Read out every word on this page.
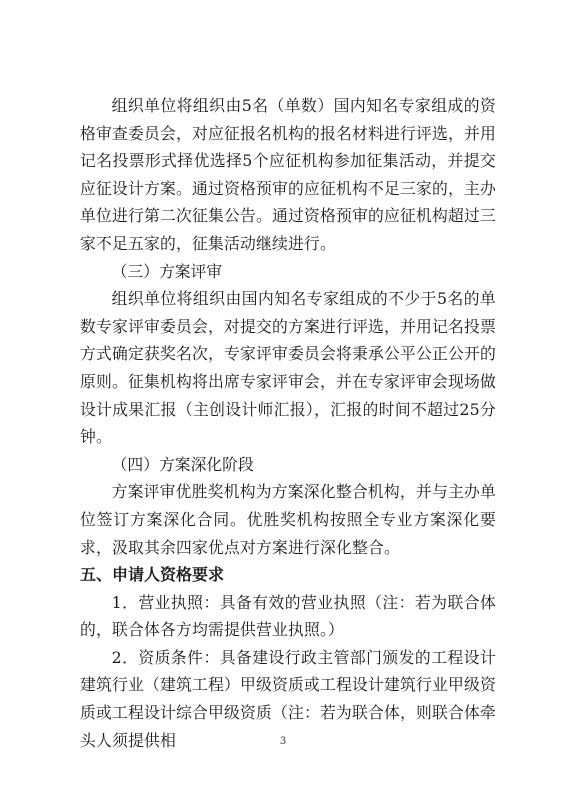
组织单位将组织由5名（单数）国内知名专家组成的资格审查委员会，对应征报名机构的报名材料进行评选，并用记名投票形式择优选择5个应征机构参加征集活动，并提交应征设计方案。通过资格预审的应征机构不足三家的，主办单位进行第二次征集公告。通过资格预审的应征机构超过三家不足五家的，征集活动继续进行。

（三）方案评审

组织单位将组织由国内知名专家组成的不少于5名的单数专家评审委员会，对提交的方案进行评选，并用记名投票方式确定获奖名次，专家评审委员会将秉承公平公正公开的原则。征集机构将出席专家评审会，并在专家评审会现场做设计成果汇报（主创设计师汇报），汇报的时间不超过25分钟。

（四）方案深化阶段

方案评审优胜奖机构为方案深化整合机构，并与主办单位签订方案深化合同。优胜奖机构按照全专业方案深化要求，汲取其余四家优点对方案进行深化整合。

五、申请人资格要求

1．营业执照：具备有效的营业执照（注：若为联合体的，联合体各方均需提供营业执照。）

2．资质条件：具备建设行政主管部门颁发的工程设计建筑行业（建筑工程）甲级资质或工程设计建筑行业甲级资质或工程设计综合甲级资质（注：若为联合体，则联合体牵头人须提供相	3
